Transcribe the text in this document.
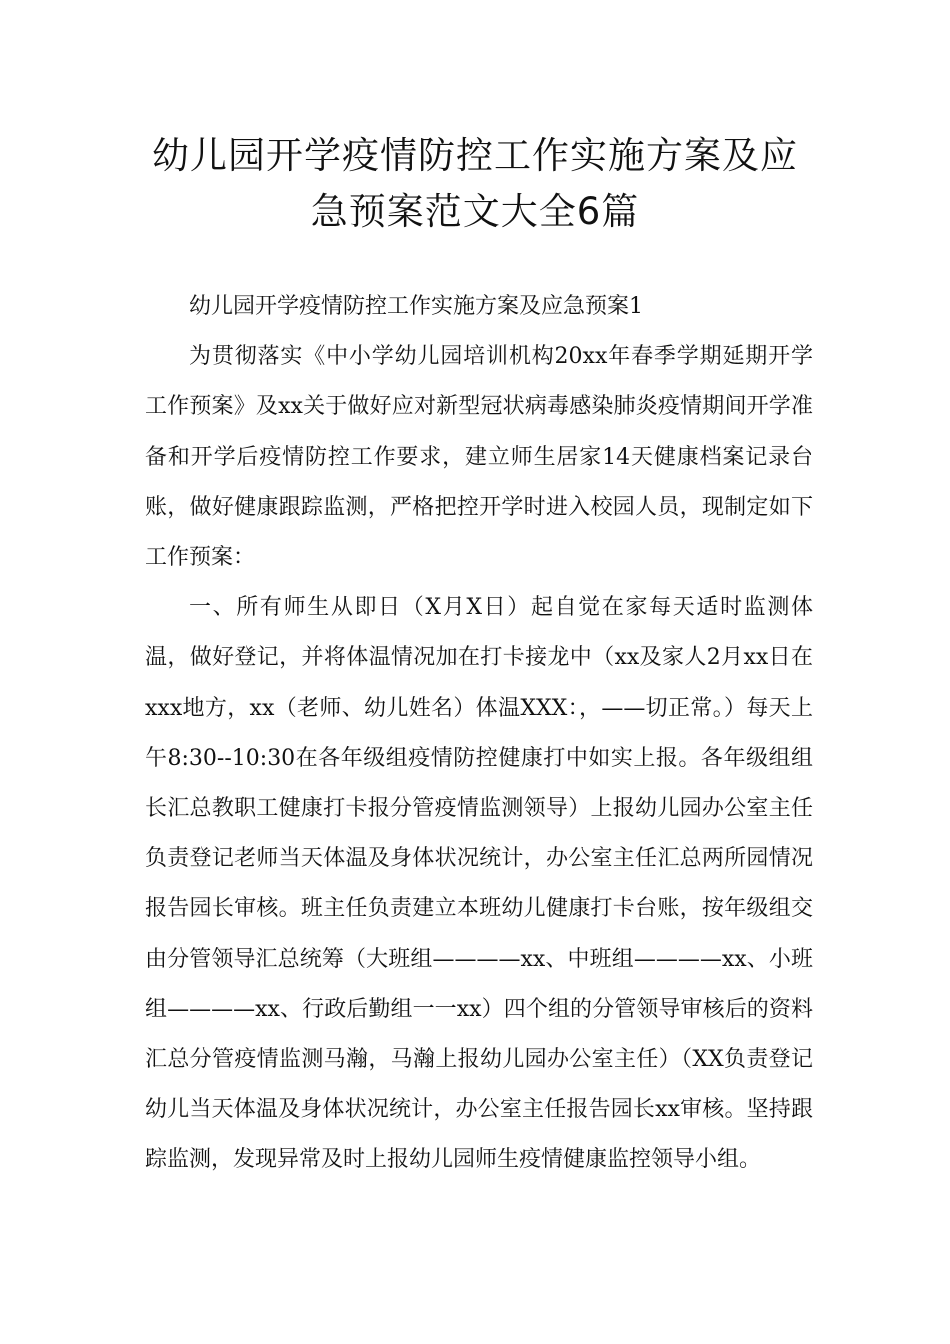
幼儿园开学疫情防控工作实施方案及应
急预案范文大全6篇

幼儿园开学疫情防控工作实施方案及应急预案1

为贯彻落实《中小学幼儿园培训机构20xx年春季学期延期开学工作预案》及xx关于做好应对新型冠状病毒感染肺炎疫情期间开学准备和开学后疫情防控工作要求，建立师生居家14天健康档案记录台账，做好健康跟踪监测，严格把控开学时进入校园人员，现制定如下工作预案：

一、所有师生从即日（X月X日）起自觉在家每天适时监测体温，做好登记，并将体温情况加在打卡接龙中（xx及家人2月xx日在xxx地方，xx（老师、幼儿姓名）体温XXX：，——切正常。）每天上午8:30--10:30在各年级组疫情防控健康打中如实上报。各年级组组长汇总教职工健康打卡报分管疫情监测领导）上报幼儿园办公室主任负责登记老师当天体温及身体状况统计，办公室主任汇总两所园情况报告园长审核。班主任负责建立本班幼儿健康打卡台账，按年级组交由分管领导汇总统筹（大班组————xx、中班组————xx、小班组————xx、行政后勤组一一xx）四个组的分管领导审核后的资料汇总分管疫情监测马瀚，马瀚上报幼儿园办公室主任）（XX负责登记幼儿当天体温及身体状况统计，办公室主任报告园长xx审核。坚持跟踪监测，发现异常及时上报幼儿园师生疫情健康监控领导小组。
